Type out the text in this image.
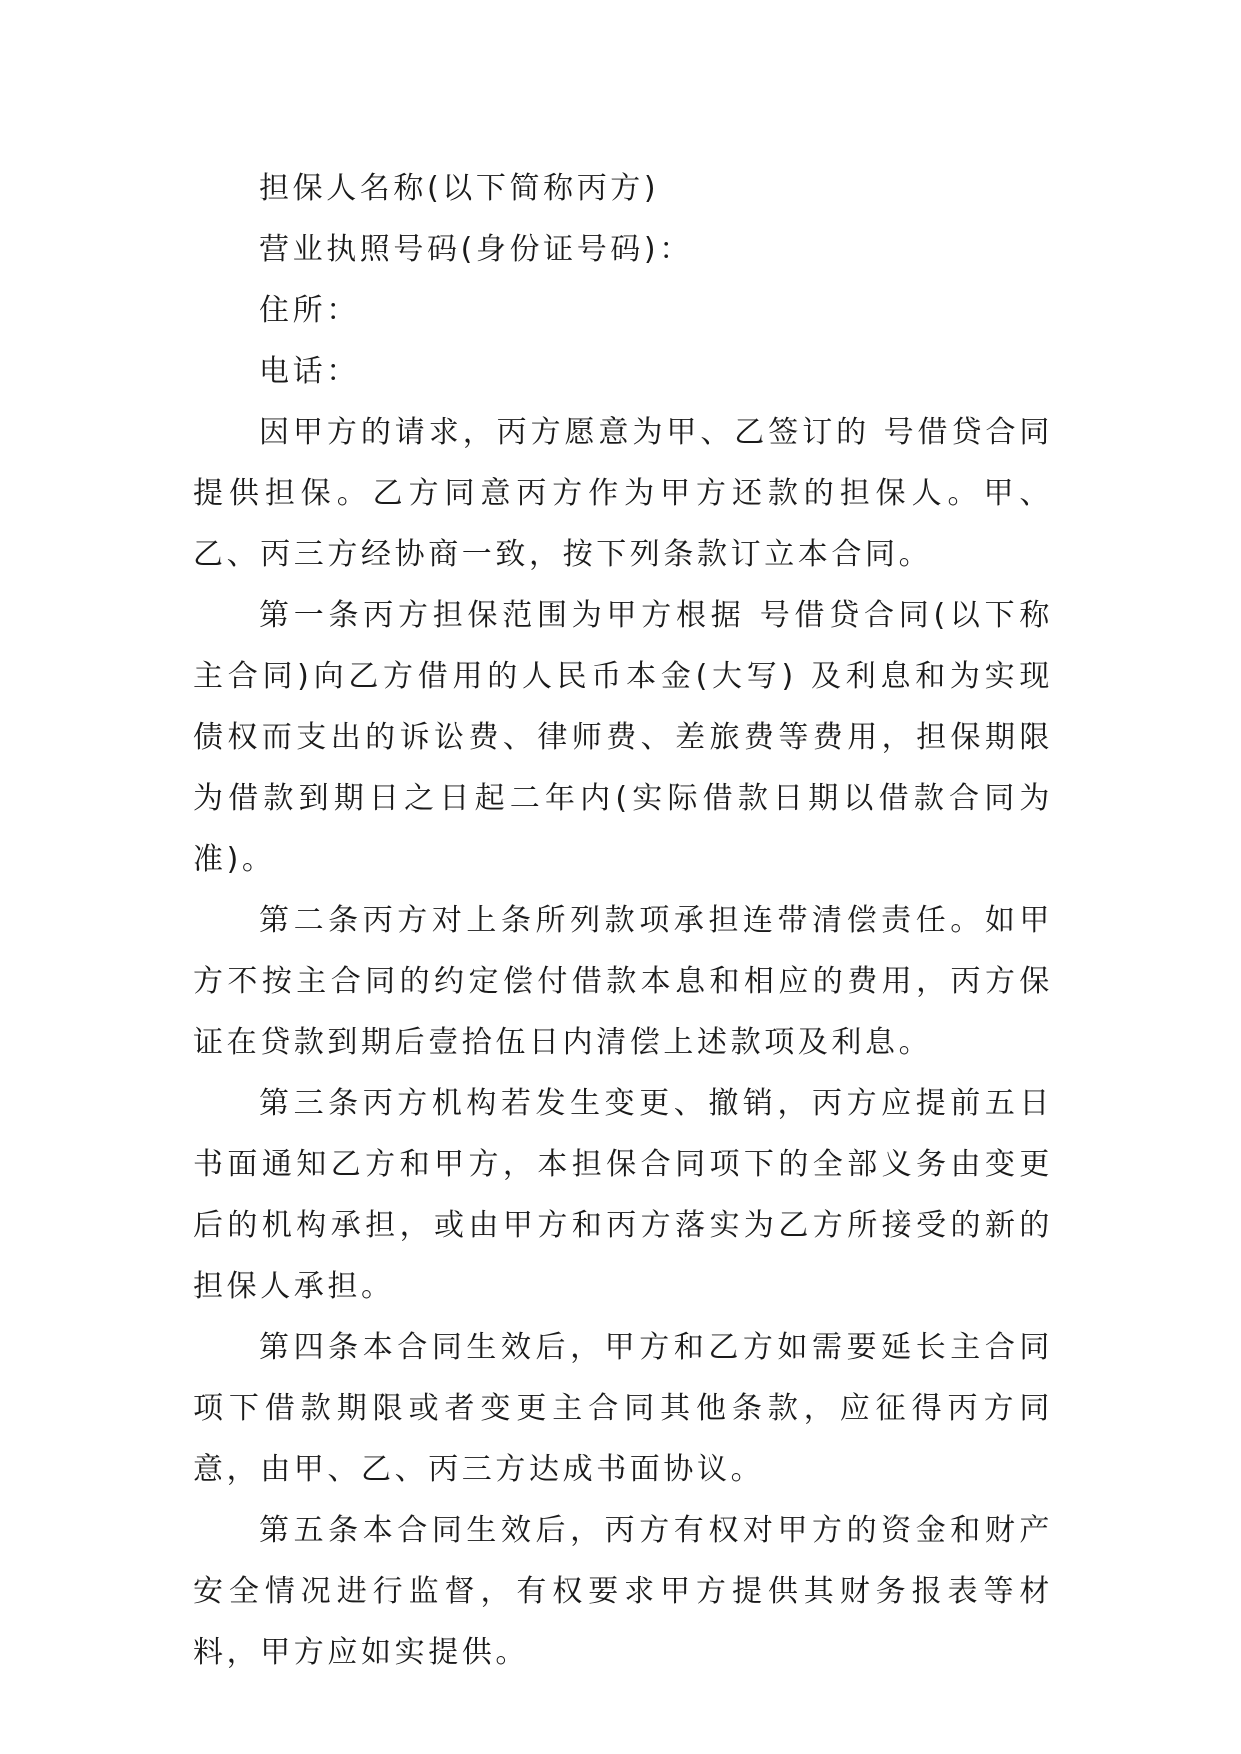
担保人名称(以下简称丙方)

营业执照号码(身份证号码)：

住所：

电话：

因甲方的请求，丙方愿意为甲、乙签订的 号借贷合同提供担保。乙方同意丙方作为甲方还款的担保人。甲、乙、丙三方经协商一致，按下列条款订立本合同。

第一条丙方担保范围为甲方根据 号借贷合同(以下称主合同)向乙方借用的人民币本金(大写) 及利息和为实现债权而支出的诉讼费、律师费、差旅费等费用，担保期限为借款到期日之日起二年内(实际借款日期以借款合同为准)。

第二条丙方对上条所列款项承担连带清偿责任。如甲方不按主合同的约定偿付借款本息和相应的费用，丙方保证在贷款到期后壹拾伍日内清偿上述款项及利息。

第三条丙方机构若发生变更、撤销，丙方应提前五日书面通知乙方和甲方，本担保合同项下的全部义务由变更后的机构承担，或由甲方和丙方落实为乙方所接受的新的担保人承担。

第四条本合同生效后，甲方和乙方如需要延长主合同项下借款期限或者变更主合同其他条款，应征得丙方同意，由甲、乙、丙三方达成书面协议。

第五条本合同生效后，丙方有权对甲方的资金和财产安全情况进行监督，有权要求甲方提供其财务报表等材料，甲方应如实提供。
